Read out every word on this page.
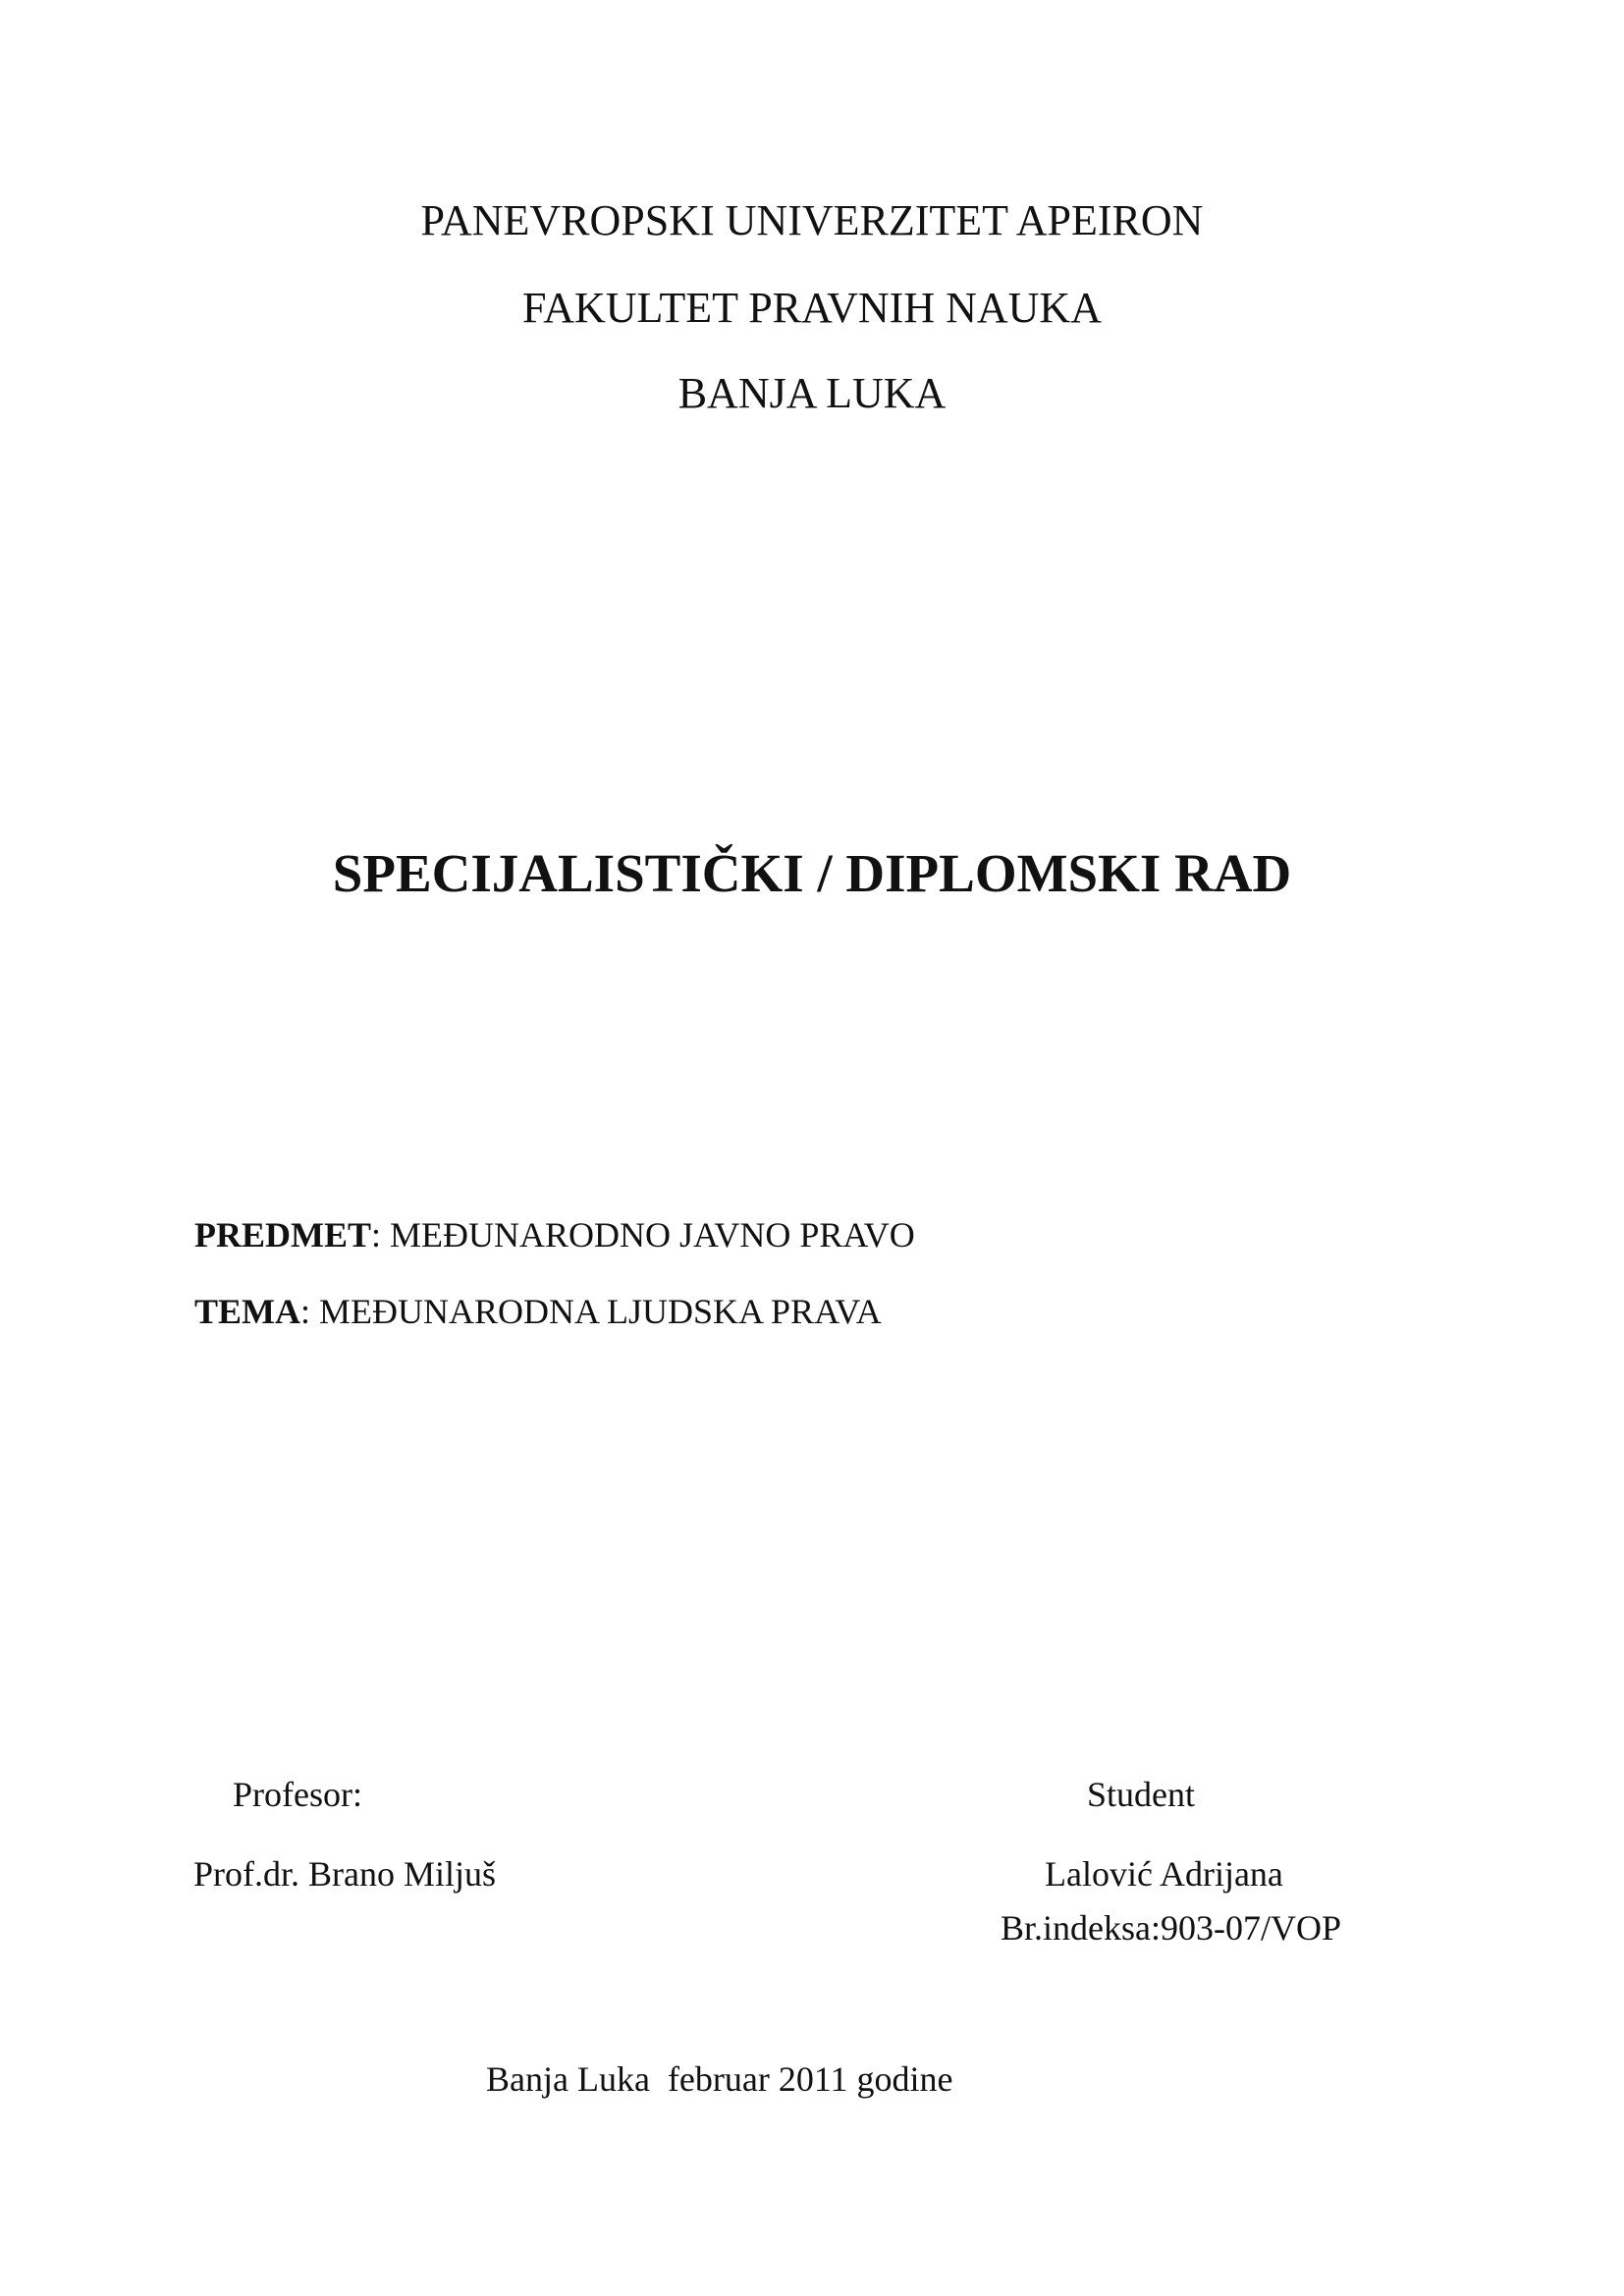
PANEVROPSKI UNIVERZITET APEIRON
FAKULTET PRAVNIH NAUKA
BANJA LUKA
SPECIJALISTIČKI / DIPLOMSKI RAD
PREDMET: MEĐUNARODNO JAVNO PRAVO
TEMA: MEĐUNARODNA LJUDSKA PRAVA
Profesor:
Prof.dr. Brano Miljuš
Student
Lalović Adrijana
Br.indeksa:903-07/VOP
Banja Luka  februar 2011 godine
